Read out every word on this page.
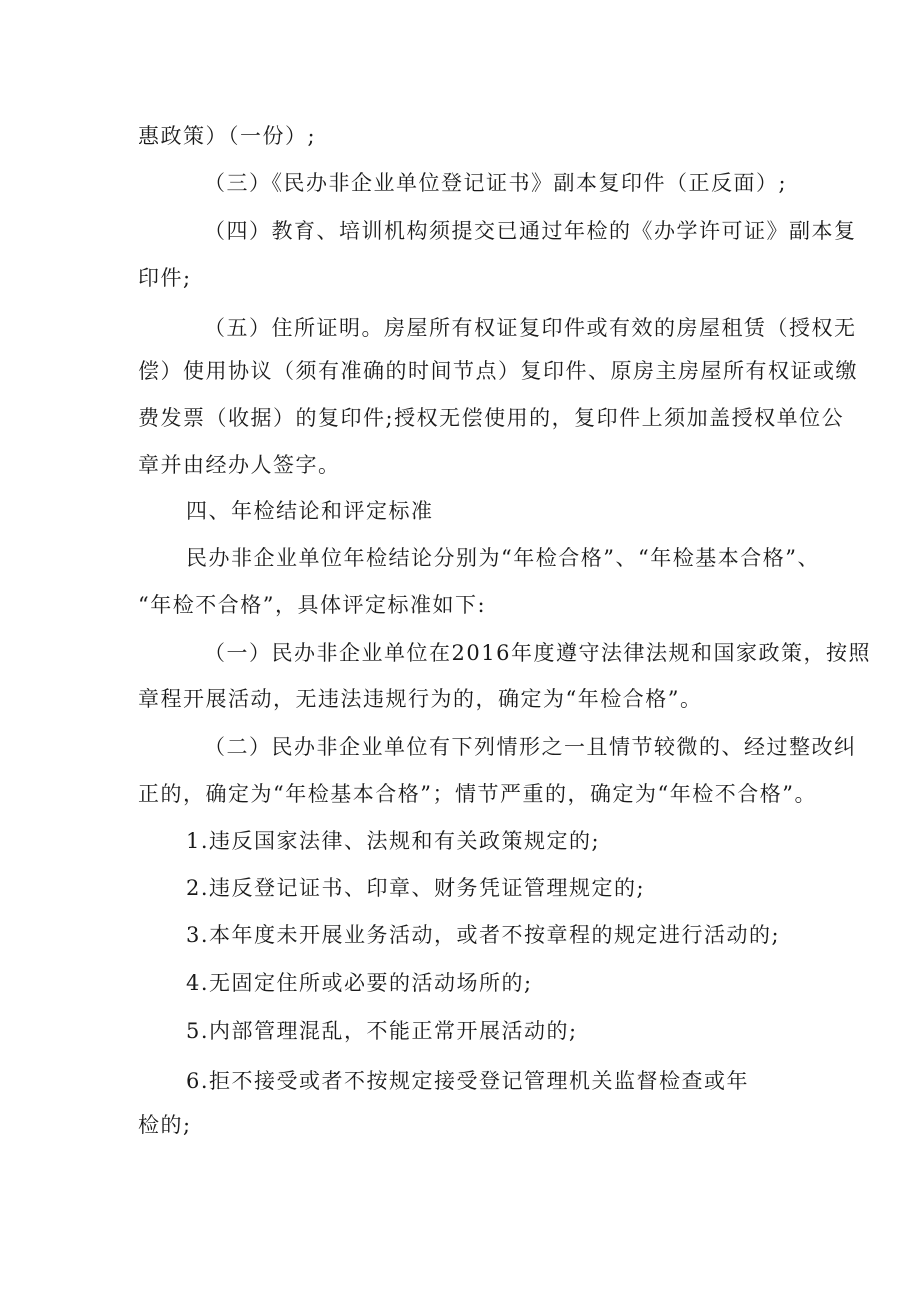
惠政策）（一份）;
（三）《民办非企业单位登记证书》副本复印件（正反面）;
（四）教育、培训机构须提交已通过年检的《办学许可证》副本复
印件;
（五）住所证明。房屋所有权证复印件或有效的房屋租赁（授权无
偿）使用协议（须有准确的时间节点）复印件、原房主房屋所有权证或缴
费发票（收据）的复印件;授权无偿使用的，复印件上须加盖授权单位公
章并由经办人签字。
四、年检结论和评定标准
民办非企业单位年检结论分别为“年检合格”、“年检基本合格”、
“年检不合格”，具体评定标准如下:
（一）民办非企业单位在2016年度遵守法律法规和国家政策，按照
章程开展活动，无违法违规行为的，确定为“年检合格”。
（二）民办非企业单位有下列情形之一且情节较微的、经过整改纠
正的，确定为“年检基本合格”；情节严重的，确定为“年检不合格”。
1.违反国家法律、法规和有关政策规定的;
2.违反登记证书、印章、财务凭证管理规定的;
3.本年度未开展业务活动，或者不按章程的规定进行活动的;
4.无固定住所或必要的活动场所的;
5.内部管理混乱，不能正常开展活动的;
6.拒不接受或者不按规定接受登记管理机关监督检查或年
检的;
